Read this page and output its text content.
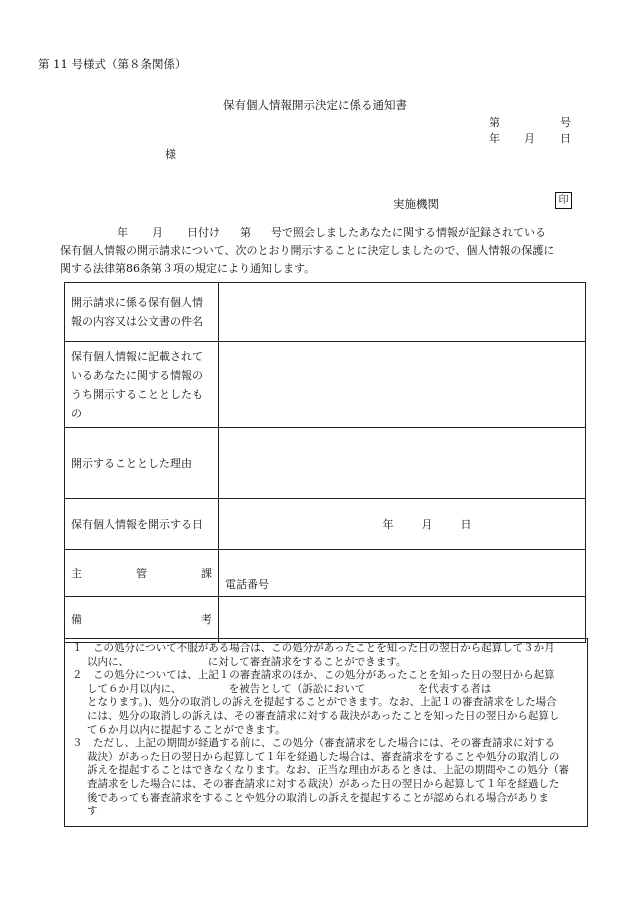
第 11 号様式（第８条関係）
保有個人情報開示決定に係る通知書
第	号
年 月 日
様
実施機関	印
年 月 日付け 第 号で照会しましたあなたに関する情報が記録されている
保有個人情報の開示請求について、次のとおり開示することに決定しましたので、個人情報の保護に
関する法律第86条第３項の規定により通知します。
開示請求に係る保有個人情
報の内容又は公文書の件名	

保有個人情報に記載されて
いるあなたに関する情報の
うち開示することとしたも
の	

開示することとした理由	
保有個人情報を開示する日	年 月 日

主 管 課	電話番号

備 考	

１　この処分について不服がある場合は、この処分があったことを知った日の翌日から起算して３か月
以内に、　　　　　　　　に対して審査請求をすることができます。
２　この処分については、上記１の審査請求のほか、この処分があったことを知った日の翌日から起算
して６か月以内に、　　　　　を被告として（訴訟において　　　　　を代表する者は
となります。)、処分の取消しの訴えを提起することができます。なお、上記１の審査請求をした場合
には、処分の取消しの訴えは、その審査請求に対する裁決があったことを知った日の翌日から起算し
て６か月以内に提起することができます。
３　ただし、上記の期間が経過する前に、この処分（審査請求をした場合には、その審査請求に対する
裁決）があった日の翌日から起算して１年を経過した場合は、審査請求をすることや処分の取消しの
訴えを提起することはできなくなります。なお、正当な理由があるときは、上記の期間やこの処分（審
査請求をした場合には、その審査請求に対する裁決）があった日の翌日から起算して１年を経過した
後であっても審査請求をすることや処分の取消しの訴えを提起することが認められる場合がありま
す
